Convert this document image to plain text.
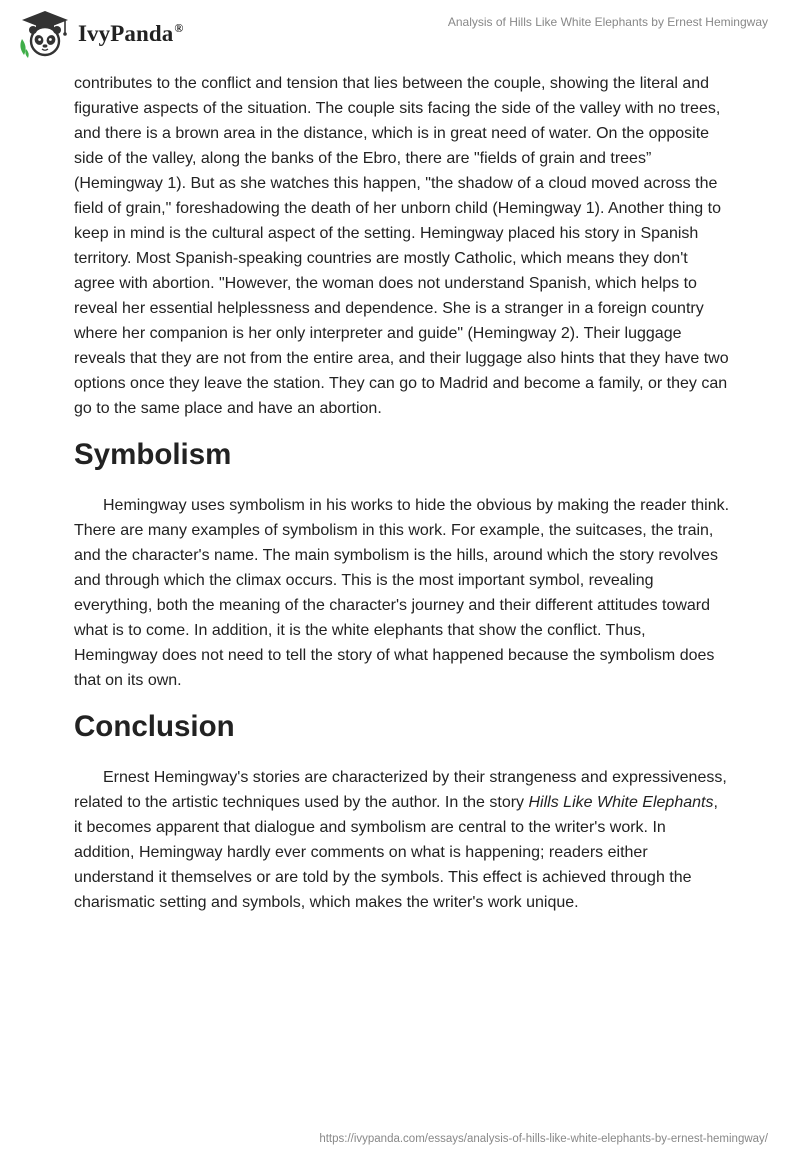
IvyPanda®	Analysis of Hills Like White Elephants by Ernest Hemingway

contributes to the conflict and tension that lies between the couple, showing the literal and figurative aspects of the situation. The couple sits facing the side of the valley with no trees, and there is a brown area in the distance, which is in great need of water. On the opposite side of the valley, along the banks of the Ebro, there are "fields of grain and trees” (Hemingway 1). But as she watches this happen, "the shadow of a cloud moved across the field of grain," foreshadowing the death of her unborn child (Hemingway 1). Another thing to keep in mind is the cultural aspect of the setting. Hemingway placed his story in Spanish territory. Most Spanish-speaking countries are mostly Catholic, which means they don't agree with abortion. "However, the woman does not understand Spanish, which helps to reveal her essential helplessness and dependence. She is a stranger in a foreign country where her companion is her only interpreter and guide" (Hemingway 2). Their luggage reveals that they are not from the entire area, and their luggage also hints that they have two options once they leave the station. They can go to Madrid and become a family, or they can go to the same place and have an abortion.

Symbolism

Hemingway uses symbolism in his works to hide the obvious by making the reader think. There are many examples of symbolism in this work. For example, the suitcases, the train, and the character's name. The main symbolism is the hills, around which the story revolves and through which the climax occurs. This is the most important symbol, revealing everything, both the meaning of the character's journey and their different attitudes toward what is to come. In addition, it is the white elephants that show the conflict. Thus, Hemingway does not need to tell the story of what happened because the symbolism does that on its own.

Conclusion

Ernest Hemingway's stories are characterized by their strangeness and expressiveness, related to the artistic techniques used by the author. In the story Hills Like White Elephants, it becomes apparent that dialogue and symbolism are central to the writer's work. In addition, Hemingway hardly ever comments on what is happening; readers either understand it themselves or are told by the symbols. This effect is achieved through the charismatic setting and symbols, which makes the writer's work unique.

https://ivypanda.com/essays/analysis-of-hills-like-white-elephants-by-ernest-hemingway/
